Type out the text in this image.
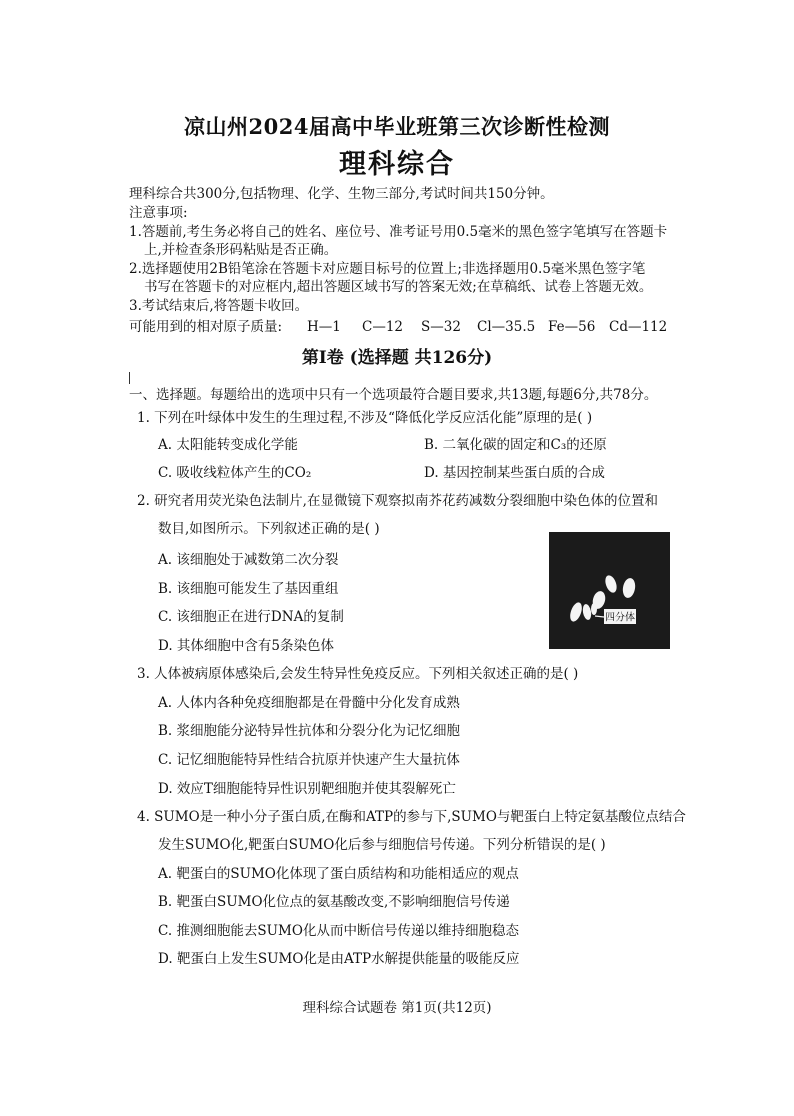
凉山州2024届高中毕业班第三次诊断性检测
理科综合
理科综合共300分,包括物理、化学、生物三部分,考试时间共150分钟。
注意事项:
1.答题前,考生务必将自己的姓名、座位号、准考证号用0.5毫米的黑色签字笔填写在答题卡
上,并检查条形码粘贴是否正确。
2.选择题使用2B铅笔涂在答题卡对应题目标号的位置上;非选择题用0.5毫米黑色签字笔
书写在答题卡的对应框内,超出答题区域书写的答案无效;在草稿纸、试卷上答题无效。
3.考试结束后,将答题卡收回。
可能用到的相对原子质量: H—1 C—12 S—32 Cl—35.5 Fe—56 Cd—112
第Ⅰ卷 (选择题 共126分)
一、选择题。每题给出的选项中只有一个选项最符合题目要求,共13题,每题6分,共78分。
1. 下列在叶绿体中发生的生理过程,不涉及“降低化学反应活化能”原理的是( )
A. 太阳能转变成化学能	B. 二氧化碳的固定和C₃的还原
C. 吸收线粒体产生的CO₂	D. 基因控制某些蛋白质的合成
2. 研究者用荧光染色法制片,在显微镜下观察拟南芥花药减数分裂细胞中染色体的位置和
数目,如图所示。下列叙述正确的是( )
A. 该细胞处于减数第二次分裂
B. 该细胞可能发生了基因重组
C. 该细胞正在进行DNA的复制
D. 其体细胞中含有5条染色体
四分体
3. 人体被病原体感染后,会发生特异性免疫反应。下列相关叙述正确的是( )
A. 人体内各种免疫细胞都是在骨髓中分化发育成熟
B. 浆细胞能分泌特异性抗体和分裂分化为记忆细胞
C. 记忆细胞能特异性结合抗原并快速产生大量抗体
D. 效应T细胞能特异性识别靶细胞并使其裂解死亡
4. SUMO是一种小分子蛋白质,在酶和ATP的参与下,SUMO与靶蛋白上特定氨基酸位点结合
发生SUMO化,靶蛋白SUMO化后参与细胞信号传递。下列分析错误的是( )
A. 靶蛋白的SUMO化体现了蛋白质结构和功能相适应的观点
B. 靶蛋白SUMO化位点的氨基酸改变,不影响细胞信号传递
C. 推测细胞能去SUMO化从而中断信号传递以维持细胞稳态
D. 靶蛋白上发生SUMO化是由ATP水解提供能量的吸能反应
理科综合试题卷 第1页(共12页)
